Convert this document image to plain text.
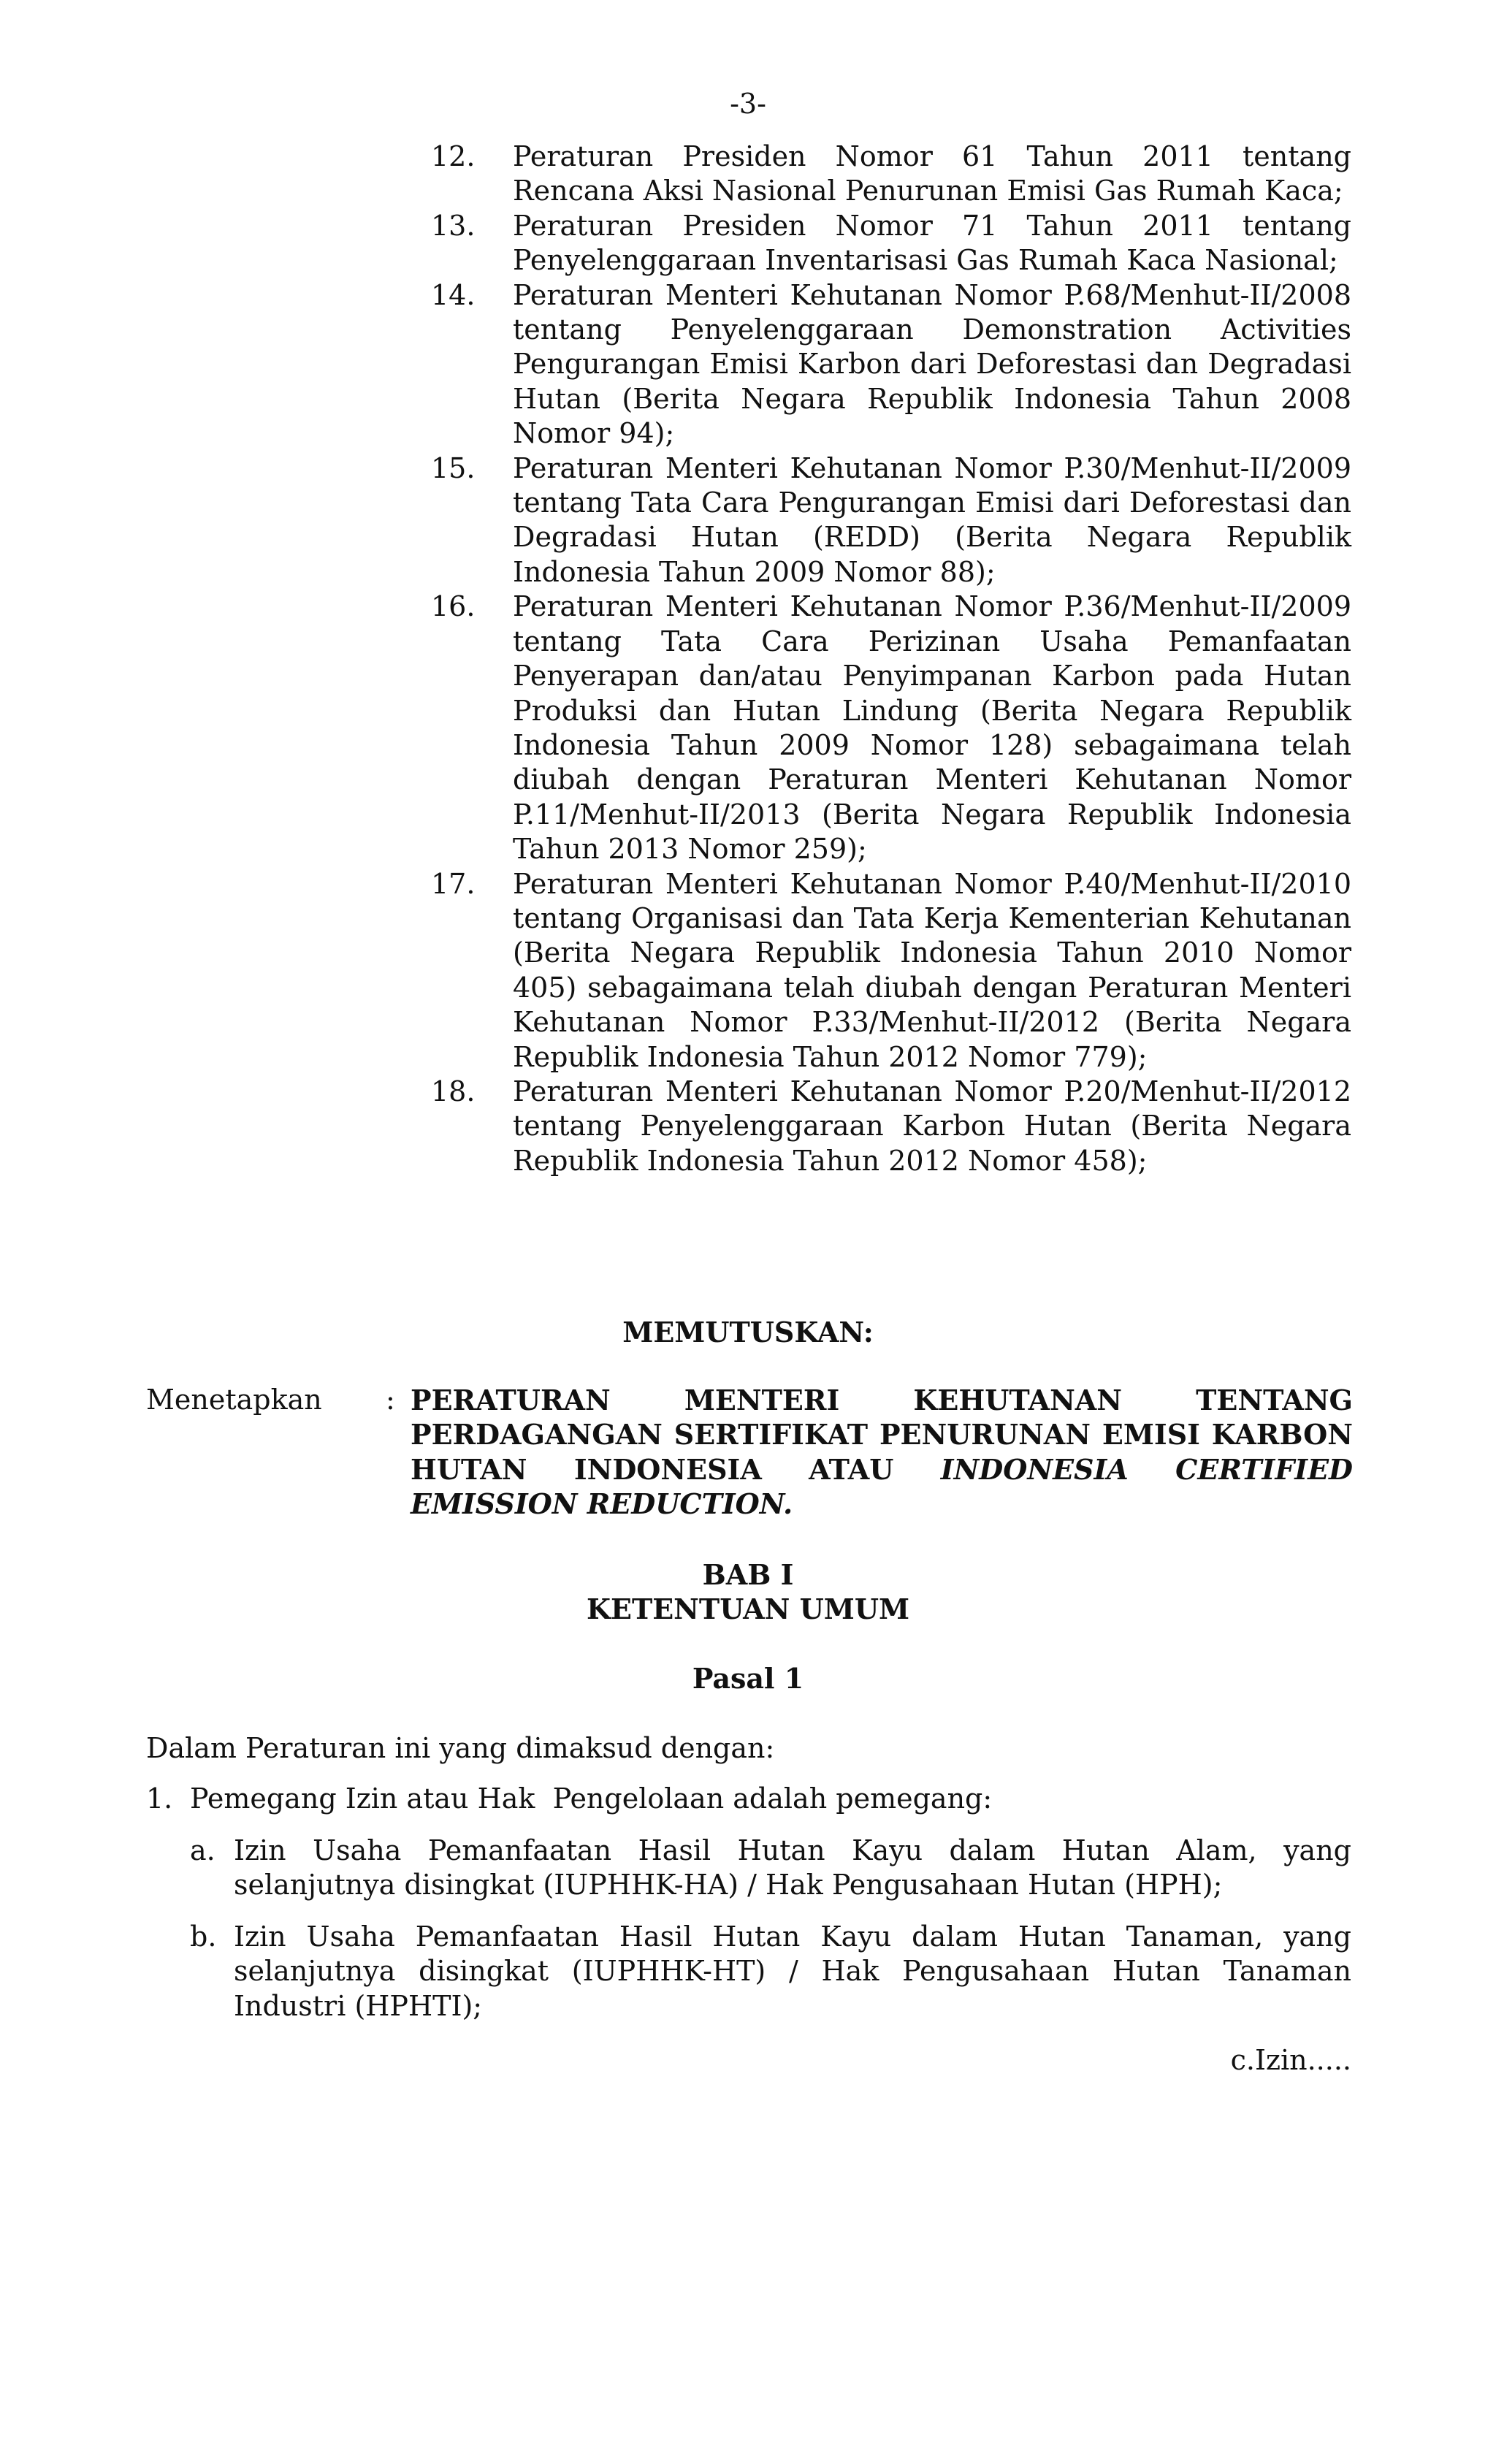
-3-
12.	Peraturan Presiden Nomor 61 Tahun 2011 tentang Rencana Aksi Nasional Penurunan Emisi Gas Rumah Kaca;
13.	Peraturan Presiden Nomor 71 Tahun 2011 tentang Penyelenggaraan Inventarisasi Gas Rumah Kaca Nasional;
14.	Peraturan Menteri Kehutanan Nomor P.68/Menhut-II/2008 tentang Penyelenggaraan Demonstration Activities Pengurangan Emisi Karbon dari Deforestasi dan Degradasi Hutan (Berita Negara Republik Indonesia Tahun 2008 Nomor 94);
15.	Peraturan Menteri Kehutanan Nomor P.30/Menhut-II/2009 tentang Tata Cara Pengurangan Emisi dari Deforestasi dan Degradasi Hutan (REDD) (Berita Negara Republik Indonesia Tahun 2009 Nomor 88);
16.	Peraturan Menteri Kehutanan Nomor P.36/Menhut-II/2009 tentang Tata Cara Perizinan Usaha Pemanfaatan Penyerapan dan/atau Penyimpanan Karbon pada Hutan Produksi dan Hutan Lindung (Berita Negara Republik Indonesia Tahun 2009 Nomor 128) sebagaimana telah diubah dengan Peraturan Menteri Kehutanan Nomor P.11/Menhut-II/2013 (Berita Negara Republik Indonesia Tahun 2013 Nomor 259);
17.	Peraturan Menteri Kehutanan Nomor P.40/Menhut-II/2010 tentang Organisasi dan Tata Kerja Kementerian Kehutanan (Berita Negara Republik Indonesia Tahun 2010 Nomor 405) sebagaimana telah diubah dengan Peraturan Menteri Kehutanan Nomor P.33/Menhut-II/2012 (Berita Negara Republik Indonesia Tahun 2012 Nomor 779);
18.	Peraturan Menteri Kehutanan Nomor P.20/Menhut-II/2012 tentang Penyelenggaraan Karbon Hutan (Berita Negara Republik Indonesia Tahun 2012 Nomor 458);
MEMUTUSKAN:
Menetapkan	: PERATURAN MENTERI KEHUTANAN TENTANG PERDAGANGAN SERTIFIKAT PENURUNAN EMISI KARBON HUTAN INDONESIA ATAU INDONESIA CERTIFIED EMISSION REDUCTION.
BAB I
KETENTUAN UMUM
Pasal 1
Dalam Peraturan ini yang dimaksud dengan:
1. Pemegang Izin atau Hak  Pengelolaan adalah pemegang:
a. Izin Usaha Pemanfaatan Hasil Hutan Kayu dalam Hutan Alam, yang selanjutnya disingkat (IUPHHK-HA) / Hak Pengusahaan Hutan (HPH);
b. Izin Usaha Pemanfaatan Hasil Hutan Kayu dalam Hutan Tanaman, yang selanjutnya disingkat (IUPHHK-HT) / Hak Pengusahaan Hutan Tanaman Industri (HPHTI);
c.Izin.....
